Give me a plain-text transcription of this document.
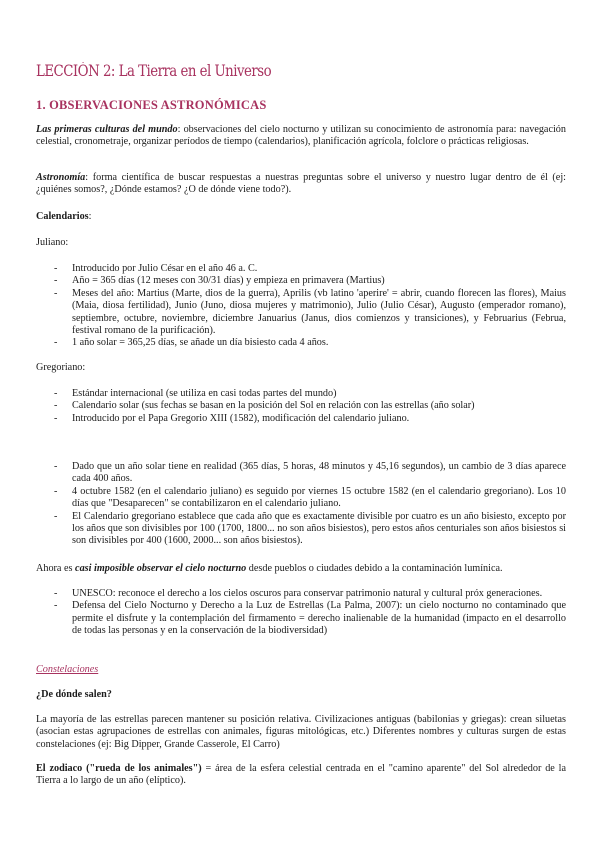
LECCIÓN 2: La Tierra en el Universo
1. OBSERVACIONES ASTRONÓMICAS

Las primeras culturas del mundo: observaciones del cielo nocturno y utilizan su conocimiento de astronomía para: navegación celestial, cronometraje, organizar períodos de tiempo (calendarios), planificación agrícola, folclore o prácticas religiosas.

Astronomía: forma científica de buscar respuestas a nuestras preguntas sobre el universo y nuestro lugar dentro de él (ej: ¿quiénes somos?, ¿Dónde estamos? ¿O de dónde viene todo?).

Calendarios:

Juliano:

- Introducido por Julio César en el año 46 a. C.
- Año = 365 días (12 meses con 30/31 días) y empieza en primavera (Martius)
- Meses del año: Martius (Marte, dios de la guerra), Aprilis (vb latino 'aperire' = abrir, cuando florecen las flores), Maius (Maia, diosa fertilidad), Junio (Juno, diosa mujeres y matrimonio), Julio (Julio César), Augusto (emperador romano), septiembre, octubre, noviembre, diciembre Januarius (Janus, dios comienzos y transiciones), y Februarius (Februa, festival romano de la purificación).
- 1 año solar = 365,25 días, se añade un día bisiesto cada 4 años.

Gregoriano:

- Estándar internacional (se utiliza en casi todas partes del mundo)
- Calendario solar (sus fechas se basan en la posición del Sol en relación con las estrellas (año solar)
- Introducido por el Papa Gregorio XIII (1582), modificación del calendario juliano.
- Dado que un año solar tiene en realidad (365 días, 5 horas, 48 minutos y 45,16 segundos), un cambio de 3 días aparece cada 400 años.
- 4 octubre 1582 (en el calendario juliano) es seguido por viernes 15 octubre 1582 (en el calendario gregoriano). Los 10 días que "Desaparecen" se contabilizaron en el calendario juliano.
- El Calendario gregoriano establece que cada año que es exactamente divisible por cuatro es un año bisiesto, excepto por los años que son divisibles por 100 (1700, 1800... no son años bisiestos), pero estos años centuriales son años bisiestos si son divisibles por 400 (1600, 2000... son años bisiestos).

Ahora es casi imposible observar el cielo nocturno desde pueblos o ciudades debido a la contaminación lumínica.

- UNESCO: reconoce el derecho a los cielos oscuros para conservar patrimonio natural y cultural próx generaciones.
- Defensa del Cielo Nocturno y Derecho a la Luz de Estrellas (La Palma, 2007): un cielo nocturno no contaminado que permite el disfrute y la contemplación del firmamento = derecho inalienable de la humanidad (impacto en el desarrollo de todas las personas y en la conservación de la biodiversidad)

Constelaciones

¿De dónde salen?

La mayoría de las estrellas parecen mantener su posición relativa. Civilizaciones antiguas (babilonias y griegas): crean siluetas (asocian estas agrupaciones de estrellas con animales, figuras mitológicas, etc.) Diferentes nombres y culturas surgen de estas constelaciones (ej: Big Dipper, Grande Casserole, El Carro)

El zodiaco ("rueda de los animales") = área de la esfera celestial centrada en el "camino aparente" del Sol alrededor de la Tierra a lo largo de un año (elíptico).
